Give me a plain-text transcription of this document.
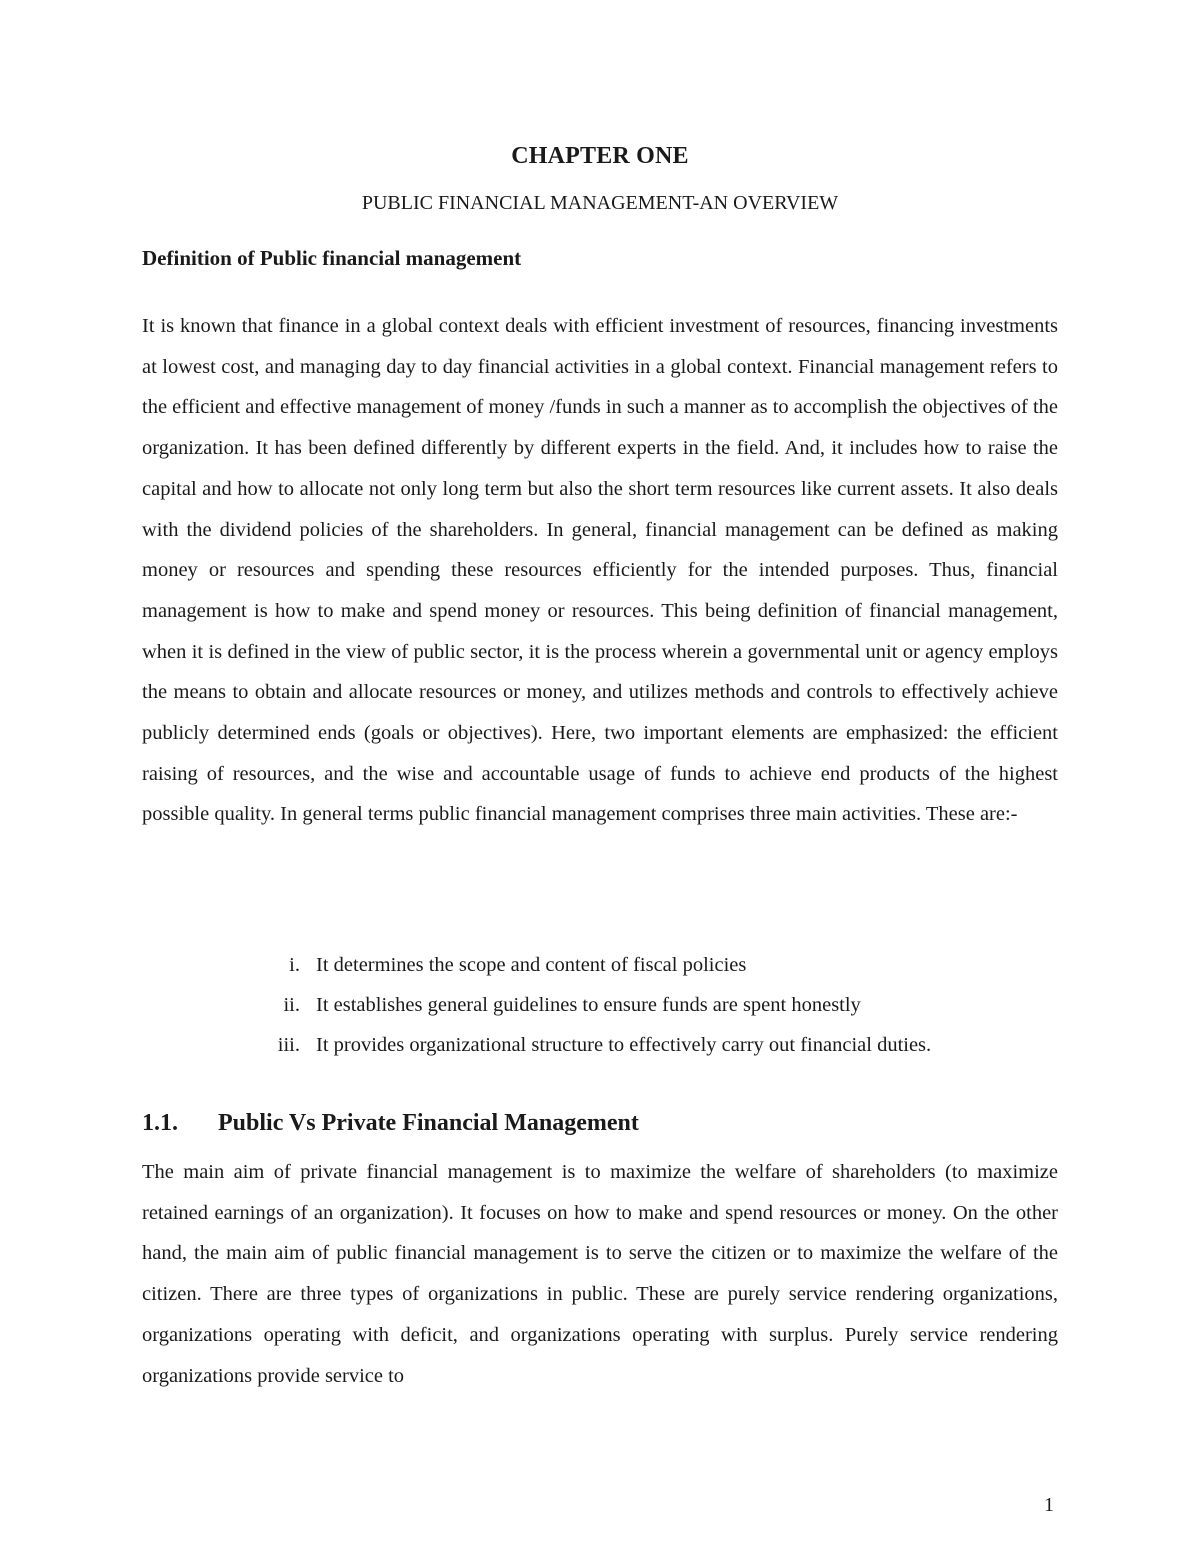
CHAPTER ONE
PUBLIC FINANCIAL MANAGEMENT-AN OVERVIEW
Definition of Public financial management

It is known that finance in a global context deals with efficient investment of resources, financing investments at lowest cost, and managing day to day financial activities in a global context. Financial management refers to the efficient and effective management of money /funds in such a manner as to accomplish the objectives of the organization. It has been defined differently by different experts in the field. And, it includes how to raise the capital and how to allocate not only long term but also the short term resources like current assets. It also deals with the dividend policies of the shareholders. In general, financial management can be defined as making money or resources and spending these resources efficiently for the intended purposes. Thus, financial management is how to make and spend money or resources. This being definition of financial management, when it is defined in the view of public sector, it is the process wherein a governmental unit or agency employs the means to obtain and allocate resources or money, and utilizes methods and controls to effectively achieve publicly determined ends (goals or objectives). Here, two important elements are emphasized: the efficient raising of resources, and the wise and accountable usage of funds to achieve end products of the highest possible quality. In general terms public financial management comprises three main activities. These are:-

i. It determines the scope and content of fiscal policies
ii. It establishes general guidelines to ensure funds are spent honestly
iii. It provides organizational structure to effectively carry out financial duties.
1.1. Public Vs Private Financial Management

The main aim of private financial management is to maximize the welfare of shareholders (to maximize retained earnings of an organization). It focuses on how to make and spend resources or money. On the other hand, the main aim of public financial management is to serve the citizen or to maximize the welfare of the citizen. There are three types of organizations in public. These are purely service rendering organizations, organizations operating with deficit, and organizations operating with surplus. Purely service rendering organizations provide service to

1
